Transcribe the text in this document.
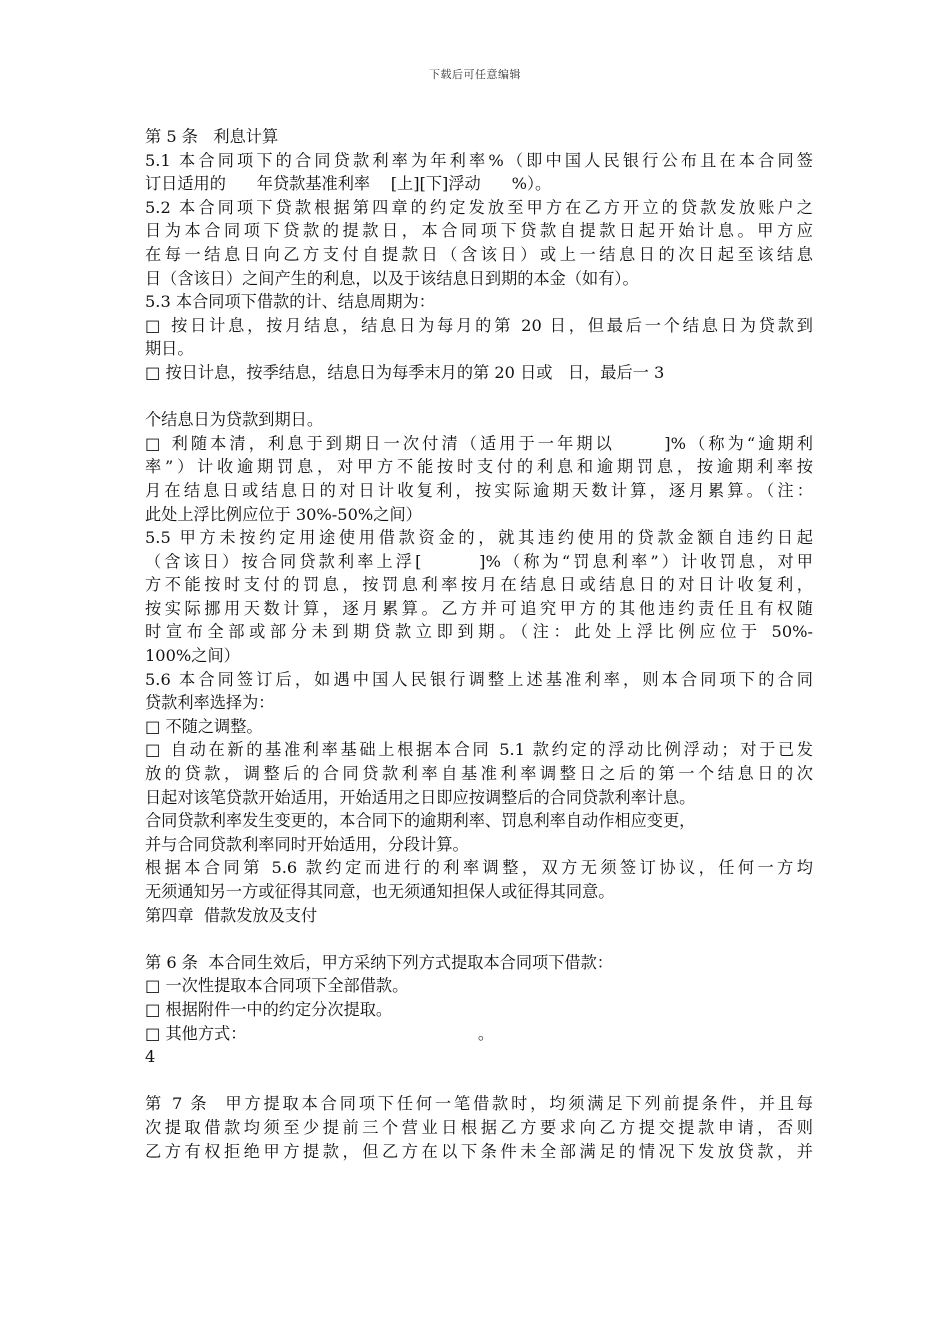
下载后可任意编辑
第 5 条   利息计算
5.1 本合同项下的合同贷款利率为年利率%（即中国人民银行公布且在本合同签
订日适用的      年贷款基准利率    [上][下]浮动      %）。
5.2 本合同项下贷款根据第四章的约定发放至甲方在乙方开立的贷款发放账户之
日为本合同项下贷款的提款日，本合同项下贷款自提款日起开始计息。甲方应
在每一结息日向乙方支付自提款日（含该日）或上一结息日的次日起至该结息
日（含该日）之间产生的利息，以及于该结息日到期的本金（如有）。
5.3 本合同项下借款的计、结息周期为：
□ 按日计息，按月结息，结息日为每月的第 20 日，但最后一个结息日为贷款到
期日。
□ 按日计息，按季结息，结息日为每季末月的第 20 日或   日，最后一 3
个结息日为贷款到期日。
□ 利随本清，利息于到期日一次付清（适用于一年期以      ]%（称为“逾期利
率”）计收逾期罚息，对甲方不能按时支付的利息和逾期罚息，按逾期利率按
月在结息日或结息日的对日计收复利，按实际逾期天数计算，逐月累算。（注：
此处上浮比例应位于 30%-50%之间）
5.5 甲方未按约定用途使用借款资金的，就其违约使用的贷款金额自违约日起
（含该日）按合同贷款利率上浮[       ]%（称为“罚息利率”）计收罚息，对甲
方不能按时支付的罚息，按罚息利率按月在结息日或结息日的对日计收复利，
按实际挪用天数计算，逐月累算。乙方并可追究甲方的其他违约责任且有权随
时宣布全部或部分未到期贷款立即到期。（注：此处上浮比例应位于 50%-
100%之间）
5.6 本合同签订后，如遇中国人民银行调整上述基准利率，则本合同项下的合同
贷款利率选择为：
□ 不随之调整。
□ 自动在新的基准利率基础上根据本合同 5.1 款约定的浮动比例浮动；对于已发
放的贷款，调整后的合同贷款利率自基准利率调整日之后的第一个结息日的次
日起对该笔贷款开始适用，开始适用之日即应按调整后的合同贷款利率计息。
合同贷款利率发生变更的，本合同下的逾期利率、罚息利率自动作相应变更，
并与合同贷款利率同时开始适用，分段计算。
根据本合同第 5.6 款约定而进行的利率调整，双方无须签订协议，任何一方均
无须通知另一方或征得其同意，也无须通知担保人或征得其同意。
第四章  借款发放及支付
第 6 条  本合同生效后，甲方采纳下列方式提取本合同项下借款：
□ 一次性提取本合同项下全部借款。
□ 根据附件一中的约定分次提取。
□ 其他方式：                                             。
4
第 7 条  甲方提取本合同项下任何一笔借款时，均须满足下列前提条件，并且每
次提取借款均须至少提前三个营业日根据乙方要求向乙方提交提款申请，否则
乙方有权拒绝甲方提款，但乙方在以下条件未全部满足的情况下发放贷款，并
